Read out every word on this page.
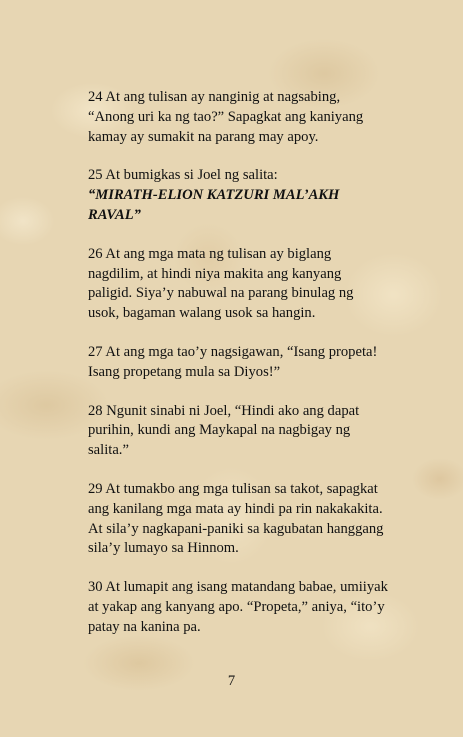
24 At ang tulisan ay nanginig at nagsabing, “Anong uri ka ng tao?” Sapagkat ang kaniyang kamay ay sumakit na parang may apoy.

25 At bumigkas si Joel ng salita:
“MIRATH-ELION KATZURI MAL’AKH RAVAL”

26 At ang mga mata ng tulisan ay biglang nagdilim, at hindi niya makita ang kanyang paligid. Siya’y nabuwal na parang binulag ng usok, bagaman walang usok sa hangin.

27 At ang mga tao’y nagsigawan, “Isang propeta! Isang propetang mula sa Diyos!”

28 Ngunit sinabi ni Joel, “Hindi ako ang dapat purihin, kundi ang Maykapal na nagbigay ng salita.”

29 At tumakbo ang mga tulisan sa takot, sapagkat ang kanilang mga mata ay hindi pa rin nakakakita. At sila’y nagkapani-paniki sa kagubatan hanggang sila’y lumayo sa Hinnom.

30 At lumapit ang isang matandang babae, umiiyak at yakap ang kanyang apo. “Propeta,” aniya, “ito’y patay na kanina pa.

7
